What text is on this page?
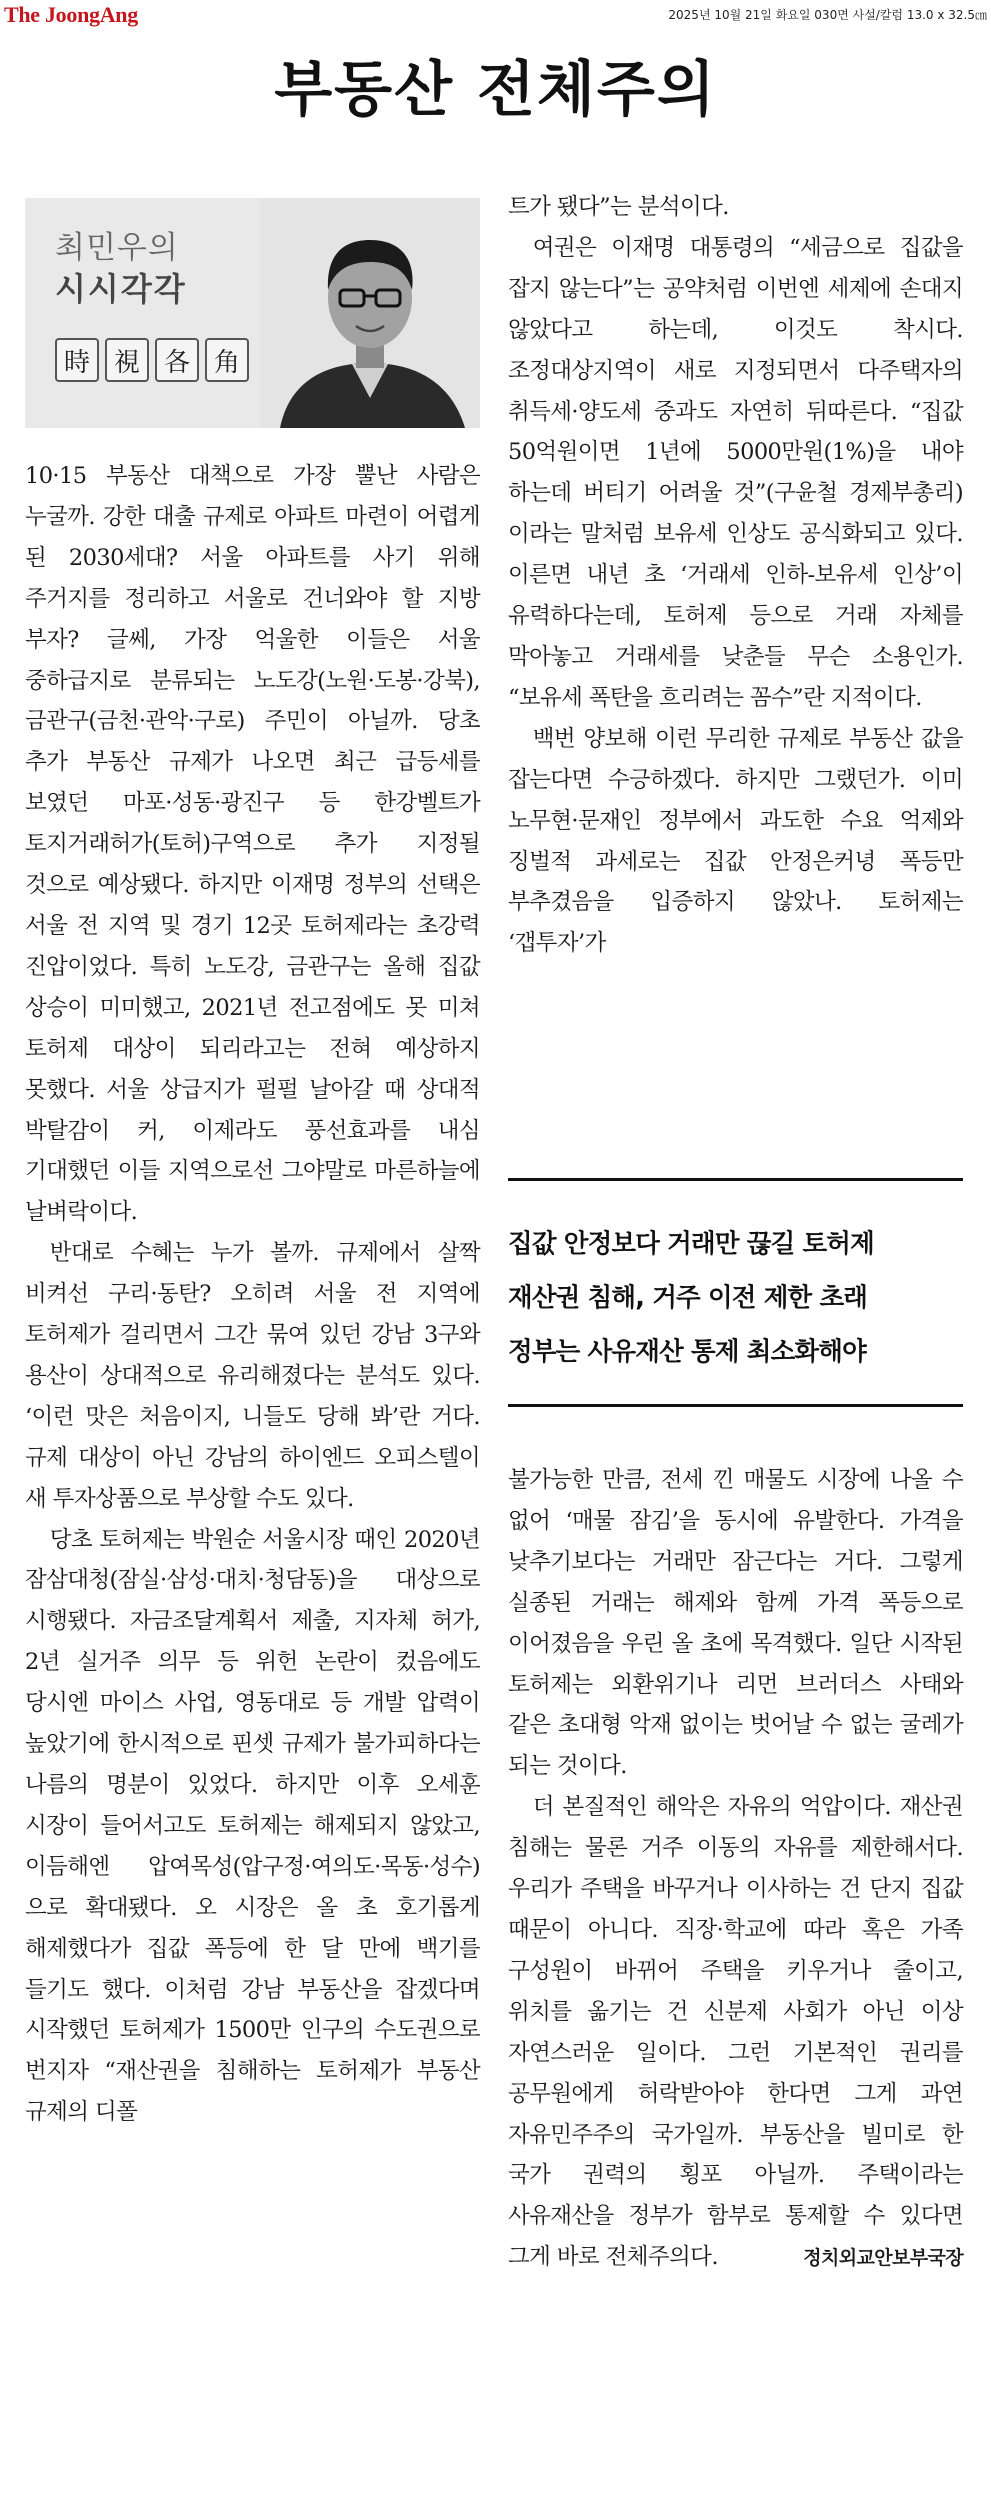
The JoongAng	2025년 10월 21일 화요일 030면 사설/칼럼 13.0 x 32.5㎝
부동산 전체주의
최민우의
시시각각
時 視 各 角

10·15 부동산 대책으로 가장 뿔난 사람은 누굴까. 강한 대출 규제로 아파트 마련이 어렵게 된 2030세대? 서울 아파트를 사기 위해 주거지를 정리하고 서울로 건너와야 할 지방 부자? 글쎄, 가장 억울한 이들은 서울 중하급지로 분류되는 노도강(노원·도봉·강북), 금관구(금천·관악·구로) 주민이 아닐까. 당초 추가 부동산 규제가 나오면 최근 급등세를 보였던 마포·성동·광진구 등 한강벨트가 토지거래허가(토허)구역으로 추가 지정될 것으로 예상됐다. 하지만 이재명 정부의 선택은 서울 전 지역 및 경기 12곳 토허제라는 초강력 진압이었다. 특히 노도강, 금관구는 올해 집값 상승이 미미했고, 2021년 전고점에도 못 미쳐 토허제 대상이 되리라고는 전혀 예상하지 못했다. 서울 상급지가 펄펄 날아갈 때 상대적 박탈감이 커, 이제라도 풍선효과를 내심 기대했던 이들 지역으로선 그야말로 마른하늘에 날벼락이다.

반대로 수혜는 누가 볼까. 규제에서 살짝 비켜선 구리·동탄? 오히려 서울 전 지역에 토허제가 걸리면서 그간 묶여 있던 강남 3구와 용산이 상대적으로 유리해졌다는 분석도 있다. ‘이런 맛은 처음이지, 니들도 당해 봐’란 거다. 규제 대상이 아닌 강남의 하이엔드 오피스텔이 새 투자상품으로 부상할 수도 있다.

당초 토허제는 박원순 서울시장 때인 2020년 잠삼대청(잠실·삼성·대치·청담동)을 대상으로 시행됐다. 자금조달계획서 제출, 지자체 허가, 2년 실거주 의무 등 위헌 논란이 컸음에도 당시엔 마이스 사업, 영동대로 등 개발 압력이 높았기에 한시적으로 핀셋 규제가 불가피하다는 나름의 명분이 있었다. 하지만 이후 오세훈 시장이 들어서고도 토허제는 해제되지 않았고, 이듬해엔 압여목성(압구정·여의도·목동·성수)으로 확대됐다. 오 시장은 올 초 호기롭게 해제했다가 집값 폭등에 한 달 만에 백기를 들기도 했다. 이처럼 강남 부동산을 잡겠다며 시작했던 토허제가 1500만 인구의 수도권으로 번지자 “재산권을 침해하는 토허제가 부동산 규제의 디폴

트가 됐다”는 분석이다.

여권은 이재명 대통령의 “세금으로 집값을 잡지 않는다”는 공약처럼 이번엔 세제에 손대지 않았다고 하는데, 이것도 착시다. 조정대상지역이 새로 지정되면서 다주택자의 취득세·양도세 중과도 자연히 뒤따른다. “집값 50억원이면 1년에 5000만원(1%)을 내야 하는데 버티기 어려울 것”(구윤철 경제부총리)이라는 말처럼 보유세 인상도 공식화되고 있다. 이른면 내년 초 ‘거래세 인하-보유세 인상’이 유력하다는데, 토허제 등으로 거래 자체를 막아놓고 거래세를 낮춘들 무슨 소용인가. “보유세 폭탄을 흐리려는 꼼수”란 지적이다.

백번 양보해 이런 무리한 규제로 부동산 값을 잡는다면 수긍하겠다. 하지만 그랬던가. 이미 노무현·문재인 정부에서 과도한 수요 억제와 징벌적 과세로는 집값 안정은커녕 폭등만 부추겼음을 입증하지 않았나. 토허제는 ‘갭투자’가

집값 안정보다 거래만 끊길 토허제
재산권 침해, 거주 이전 제한 초래
정부는 사유재산 통제 최소화해야

불가능한 만큼, 전세 낀 매물도 시장에 나올 수 없어 ‘매물 잠김’을 동시에 유발한다. 가격을 낮추기보다는 거래만 잠근다는 거다. 그렇게 실종된 거래는 해제와 함께 가격 폭등으로 이어졌음을 우린 올 초에 목격했다. 일단 시작된 토허제는 외환위기나 리먼 브러더스 사태와 같은 초대형 악재 없이는 벗어날 수 없는 굴레가 되는 것이다.

더 본질적인 해악은 자유의 억압이다. 재산권 침해는 물론 거주 이동의 자유를 제한해서다. 우리가 주택을 바꾸거나 이사하는 건 단지 집값 때문이 아니다. 직장·학교에 따라 혹은 가족 구성원이 바뀌어 주택을 키우거나 줄이고, 위치를 옮기는 건 신분제 사회가 아닌 이상 자연스러운 일이다. 그런 기본적인 권리를 공무원에게 허락받아야 한다면 그게 과연 자유민주주의 국가일까. 부동산을 빌미로 한 국가 권력의 횡포 아닐까. 주택이라는 사유재산을 정부가 함부로 통제할 수 있다면 그게 바로 전체주의다.	정치외교안보부국장
